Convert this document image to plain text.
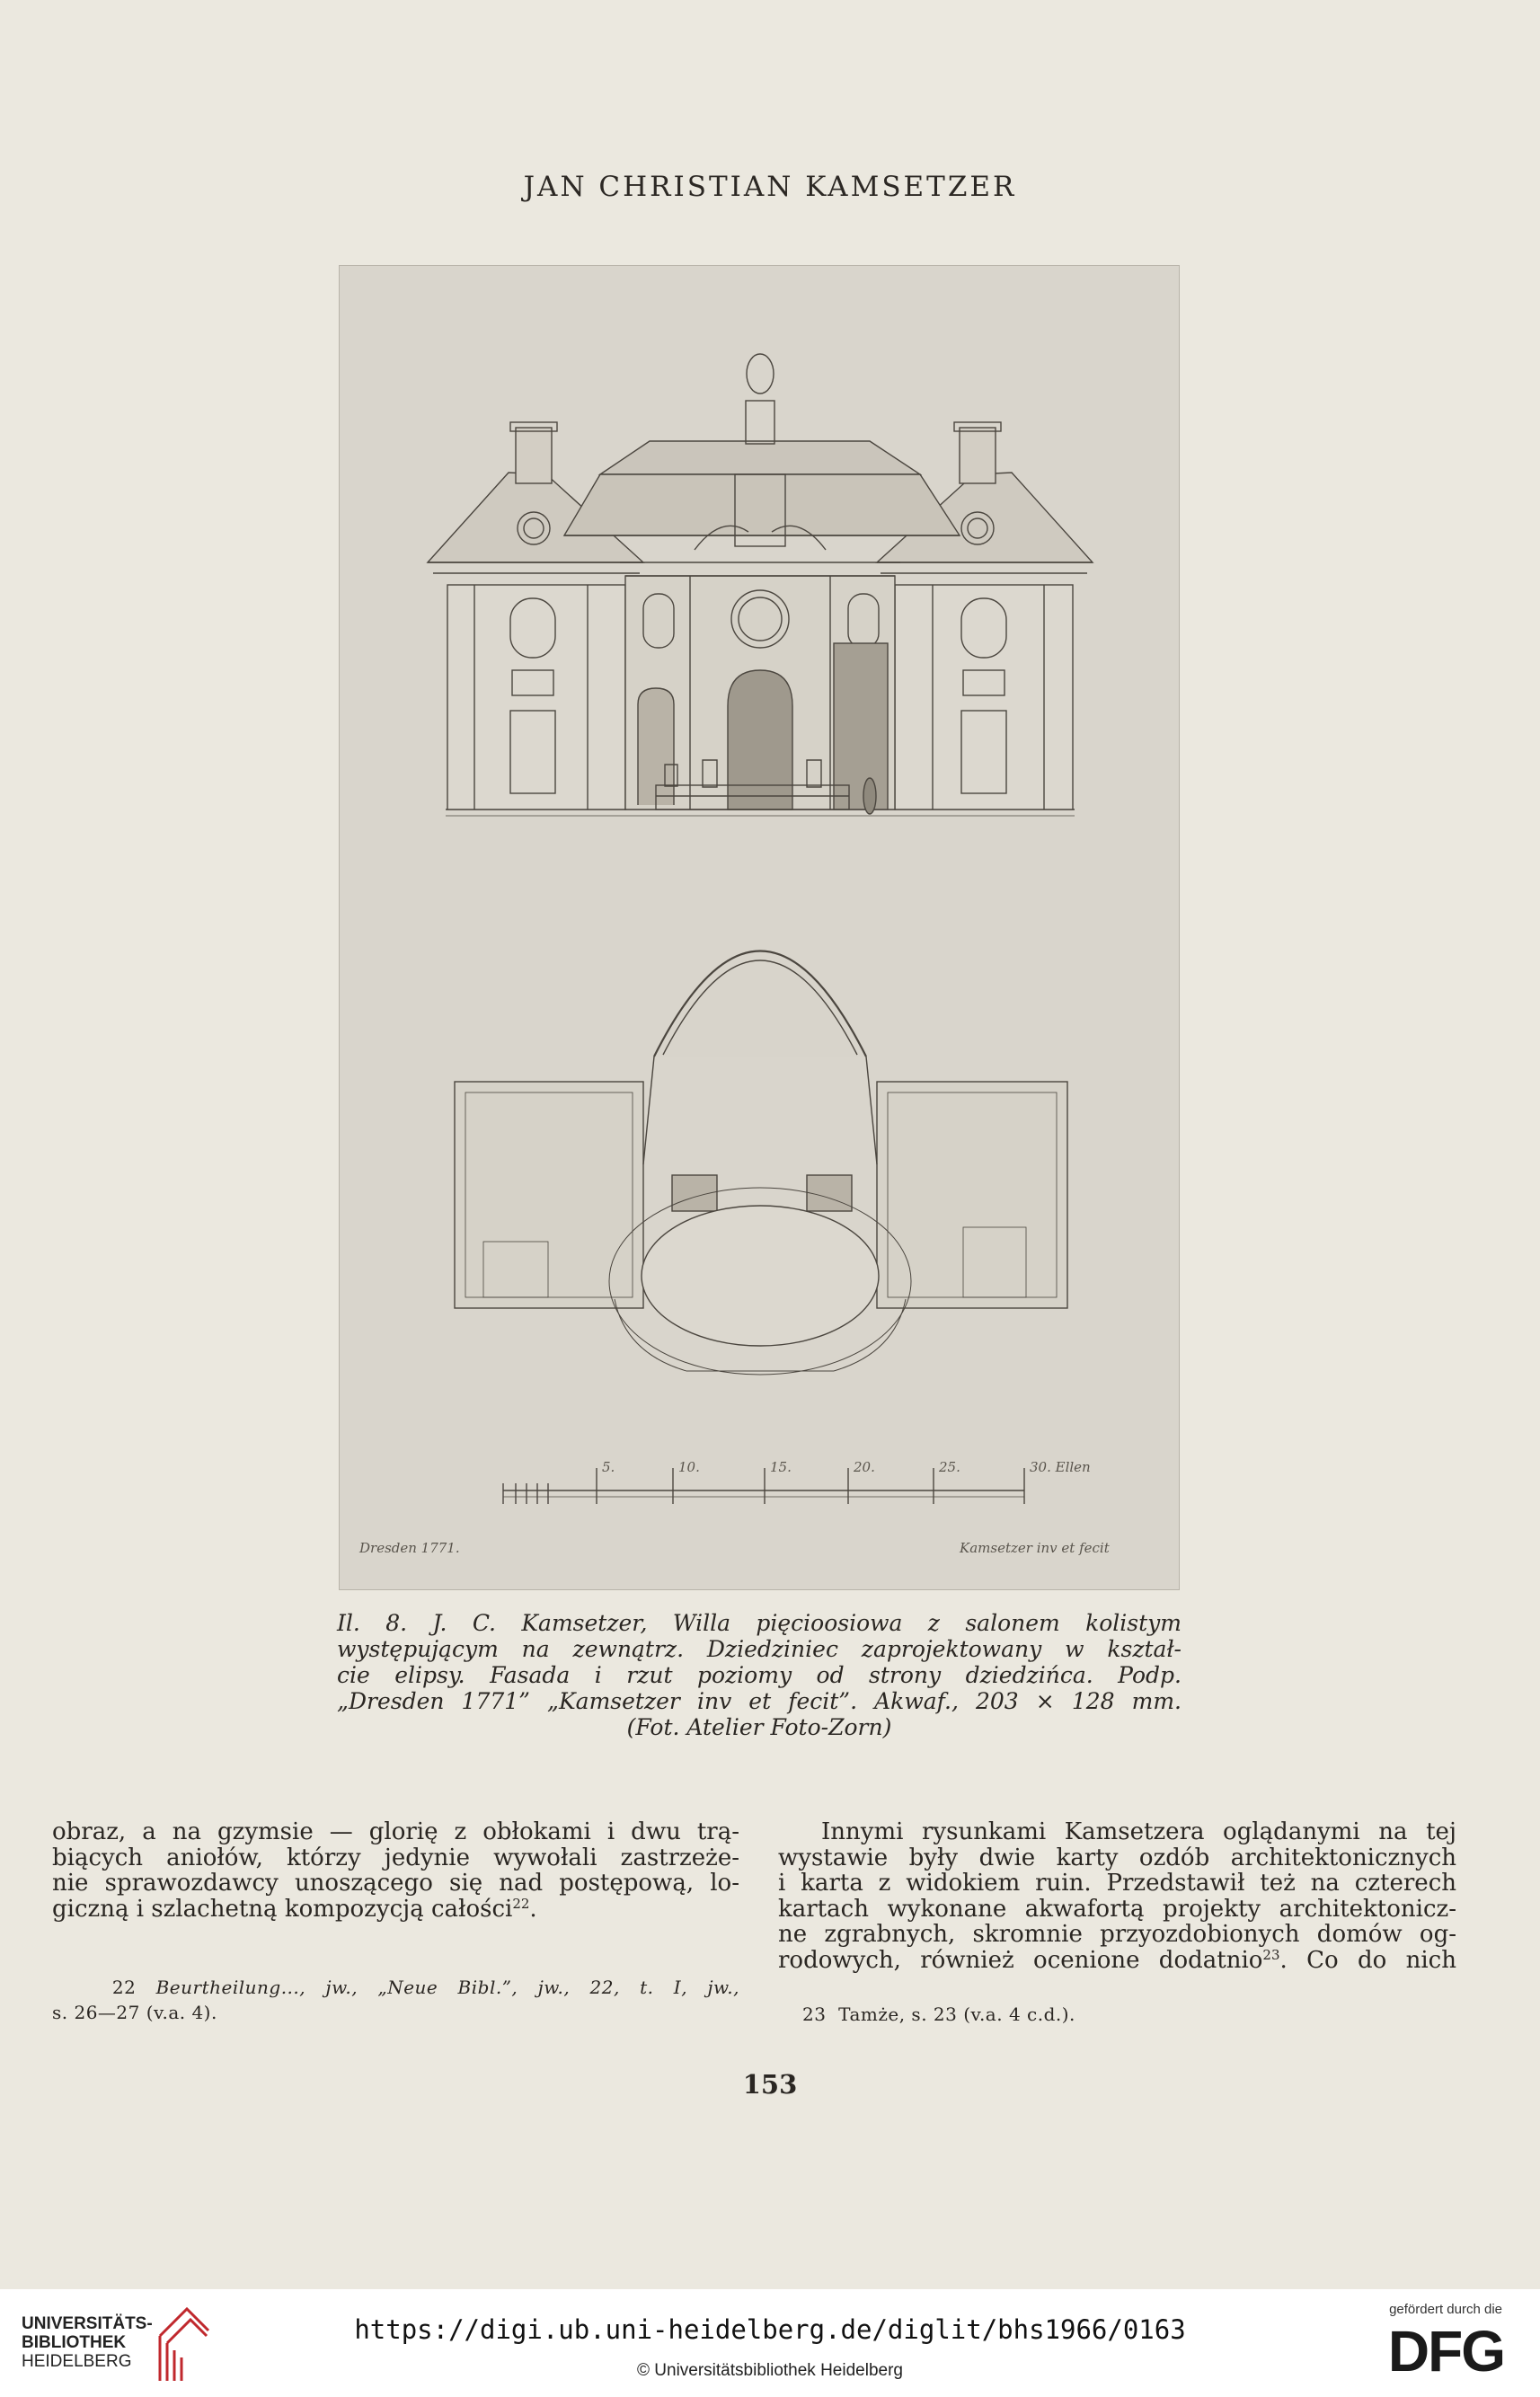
JAN CHRISTIAN KAMSETZER
5.	10.	15.	20.	25.	30. Ellen
Dresden 1771.	Kamsetzer inv et fecit
Il. 8. J. C. Kamsetzer, Willa pięcioosiowa z salonem kolistym
występującym na zewnątrz. Dziedziniec zaprojektowany w kształ-
cie elipsy. Fasada i rzut poziomy od strony dziedzińca. Podp.
„Dresden 1771” „Kamsetzer inv et fecit”. Akwaf., 203 × 128 mm.
(Fot. Atelier Foto-Zorn)
obraz, a na gzymsie — glorię z obłokami i dwu trą-
biących aniołów, którzy jedynie wywołali zastrzeże-
nie sprawozdawcy unoszącego się nad postępową, lo-
giczną i szlachetną kompozycją całości$^{22}$.
22 Beurtheilung..., jw., „Neue Bibl.”, jw., 22, t. I, jw.,
s. 26—27 (v.a. 4).
Innymi rysunkami Kamsetzera oglądanymi na tej
wystawie były dwie karty ozdób architektonicznych
i karta z widokiem ruin. Przedstawił też na czterech
kartach wykonane akwafortą projekty architektonicz-
ne zgrabnych, skromnie przyozdobionych domów og-
rodowych, również ocenione dodatnio$^{23}$. Co do nich
23 Tamże, s. 23 (v.a. 4 c.d.).
153
UNIVERSITÄTS-
BIBLIOTHEK
HEIDELBERG
https://digi.ub.uni-heidelberg.de/diglit/bhs1966/0163
© Universitätsbibliothek Heidelberg
gefördert durch die
DFG
